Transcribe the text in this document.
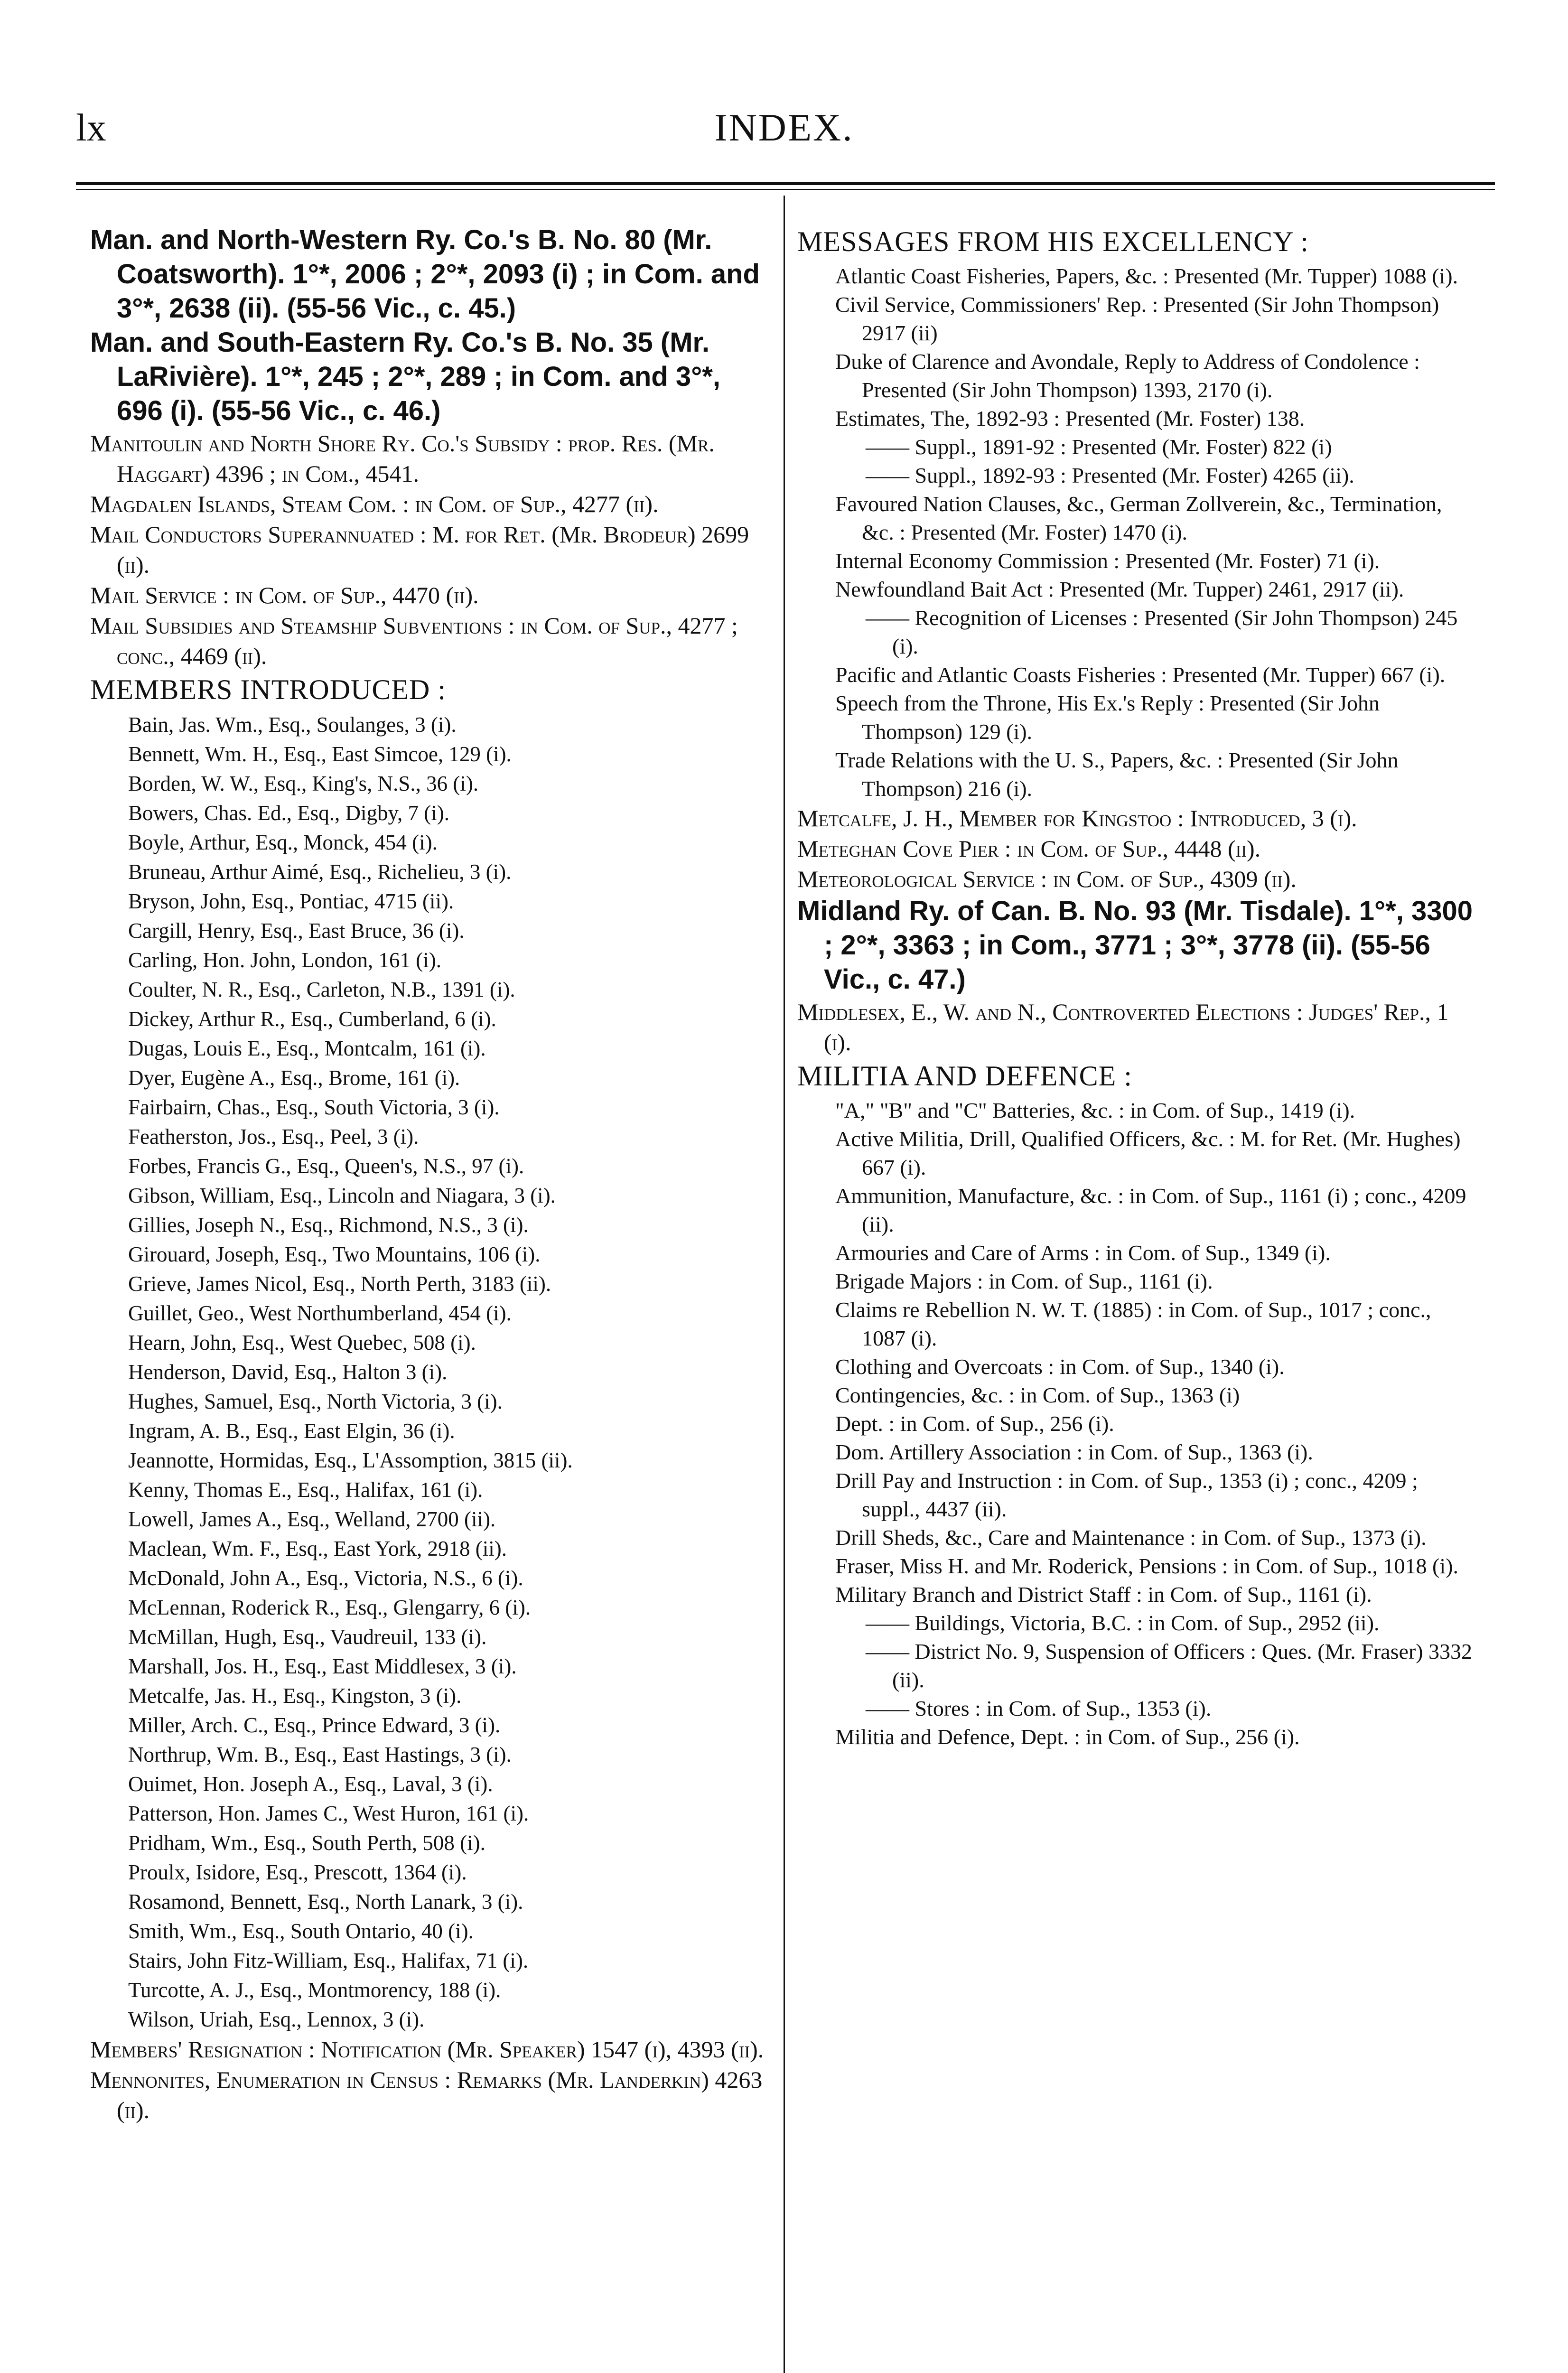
lx	INDEX.

Man. and North-Western Ry. Co.'s B. No. 80 (Mr. Coatsworth). 1°*, 2006 ; 2°*, 2093 (i) ; in Com. and 3°*, 2638 (ii). (55-56 Vic., c. 45.)

Man. and South-Eastern Ry. Co.'s B. No. 35 (Mr. LaRivière). 1°*, 245 ; 2°*, 289 ; in Com. and 3°*, 696 (i). (55-56 Vic., c. 46.)

Manitoulin and North Shore Ry. Co.'s Subsidy : prop. Res. (Mr. Haggart) 4396 ; in Com., 4541.

Magdalen Islands, Steam Com. : in Com. of Sup., 4277 (ii).

Mail Conductors Superannuated : M. for Ret. (Mr. Brodeur) 2699 (ii).

Mail Service : in Com. of Sup., 4470 (ii).

Mail Subsidies and Steamship Subventions : in Com. of Sup., 4277 ; conc., 4469 (ii).

MEMBERS INTRODUCED :

Bain, Jas. Wm., Esq., Soulanges, 3 (i).

Bennett, Wm. H., Esq., East Simcoe, 129 (i).

Borden, W. W., Esq., King's, N.S., 36 (i).

Bowers, Chas. Ed., Esq., Digby, 7 (i).

Boyle, Arthur, Esq., Monck, 454 (i).

Bruneau, Arthur Aimé, Esq., Richelieu, 3 (i).

Bryson, John, Esq., Pontiac, 4715 (ii).

Cargill, Henry, Esq., East Bruce, 36 (i).

Carling, Hon. John, London, 161 (i).

Coulter, N. R., Esq., Carleton, N.B., 1391 (i).

Dickey, Arthur R., Esq., Cumberland, 6 (i).

Dugas, Louis E., Esq., Montcalm, 161 (i).

Dyer, Eugène A., Esq., Brome, 161 (i).

Fairbairn, Chas., Esq., South Victoria, 3 (i).

Featherston, Jos., Esq., Peel, 3 (i).

Forbes, Francis G., Esq., Queen's, N.S., 97 (i).

Gibson, William, Esq., Lincoln and Niagara, 3 (i).

Gillies, Joseph N., Esq., Richmond, N.S., 3 (i).

Girouard, Joseph, Esq., Two Mountains, 106 (i).

Grieve, James Nicol, Esq., North Perth, 3183 (ii).

Guillet, Geo., West Northumberland, 454 (i).

Hearn, John, Esq., West Quebec, 508 (i).

Henderson, David, Esq., Halton 3 (i).

Hughes, Samuel, Esq., North Victoria, 3 (i).

Ingram, A. B., Esq., East Elgin, 36 (i).

Jeannotte, Hormidas, Esq., L'Assomption, 3815 (ii).

Kenny, Thomas E., Esq., Halifax, 161 (i).

Lowell, James A., Esq., Welland, 2700 (ii).

Maclean, Wm. F., Esq., East York, 2918 (ii).

McDonald, John A., Esq., Victoria, N.S., 6 (i).

McLennan, Roderick R., Esq., Glengarry, 6 (i).

McMillan, Hugh, Esq., Vaudreuil, 133 (i).

Marshall, Jos. H., Esq., East Middlesex, 3 (i).

Metcalfe, Jas. H., Esq., Kingston, 3 (i).

Miller, Arch. C., Esq., Prince Edward, 3 (i).

Northrup, Wm. B., Esq., East Hastings, 3 (i).

Ouimet, Hon. Joseph A., Esq., Laval, 3 (i).

Patterson, Hon. James C., West Huron, 161 (i).

Pridham, Wm., Esq., South Perth, 508 (i).

Proulx, Isidore, Esq., Prescott, 1364 (i).

Rosamond, Bennett, Esq., North Lanark, 3 (i).

Smith, Wm., Esq., South Ontario, 40 (i).

Stairs, John Fitz-William, Esq., Halifax, 71 (i).

Turcotte, A. J., Esq., Montmorency, 188 (i).

Wilson, Uriah, Esq., Lennox, 3 (i).

Members' Resignation : Notification (Mr. Speaker) 1547 (i), 4393 (ii).

Mennonites, Enumeration in Census : Remarks (Mr. Landerkin) 4263 (ii).

MESSAGES FROM HIS EXCELLENCY :

Atlantic Coast Fisheries, Papers, &c. : Presented (Mr. Tupper) 1088 (i).

Civil Service, Commissioners' Rep. : Presented (Sir John Thompson) 2917 (ii)

Duke of Clarence and Avondale, Reply to Address of Condolence : Presented (Sir John Thompson) 1393, 2170 (i).

Estimates, The, 1892-93 : Presented (Mr. Foster) 138.

—— Suppl., 1891-92 : Presented (Mr. Foster) 822 (i)

—— Suppl., 1892-93 : Presented (Mr. Foster) 4265 (ii).

Favoured Nation Clauses, &c., German Zollverein, &c., Termination, &c. : Presented (Mr. Foster) 1470 (i).

Internal Economy Commission : Presented (Mr. Foster) 71 (i).

Newfoundland Bait Act : Presented (Mr. Tupper) 2461, 2917 (ii).

—— Recognition of Licenses : Presented (Sir John Thompson) 245 (i).

Pacific and Atlantic Coasts Fisheries : Presented (Mr. Tupper) 667 (i).

Speech from the Throne, His Ex.'s Reply : Presented (Sir John Thompson) 129 (i).

Trade Relations with the U. S., Papers, &c. : Presented (Sir John Thompson) 216 (i).

Metcalfe, J. H., Member for Kingstoo : Introduced, 3 (i).

Meteghan Cove Pier : in Com. of Sup., 4448 (ii).

Meteorological Service : in Com. of Sup., 4309 (ii).

Midland Ry. of Can. B. No. 93 (Mr. Tisdale). 1°*, 3300 ; 2°*, 3363 ; in Com., 3771 ; 3°*, 3778 (ii). (55-56 Vic., c. 47.)

Middlesex, E., W. and N., Controverted Elections : Judges' Rep., 1 (i).

MILITIA AND DEFENCE :

"A," "B" and "C" Batteries, &c. : in Com. of Sup., 1419 (i).

Active Militia, Drill, Qualified Officers, &c. : M. for Ret. (Mr. Hughes) 667 (i).

Ammunition, Manufacture, &c. : in Com. of Sup., 1161 (i) ; conc., 4209 (ii).

Armouries and Care of Arms : in Com. of Sup., 1349 (i).

Brigade Majors : in Com. of Sup., 1161 (i).

Claims re Rebellion N. W. T. (1885) : in Com. of Sup., 1017 ; conc., 1087 (i).

Clothing and Overcoats : in Com. of Sup., 1340 (i).

Contingencies, &c. : in Com. of Sup., 1363 (i)

Dept. : in Com. of Sup., 256 (i).

Dom. Artillery Association : in Com. of Sup., 1363 (i).

Drill Pay and Instruction : in Com. of Sup., 1353 (i) ; conc., 4209 ; suppl., 4437 (ii).

Drill Sheds, &c., Care and Maintenance : in Com. of Sup., 1373 (i).

Fraser, Miss H. and Mr. Roderick, Pensions : in Com. of Sup., 1018 (i).

Military Branch and District Staff : in Com. of Sup., 1161 (i).

—— Buildings, Victoria, B.C. : in Com. of Sup., 2952 (ii).

—— District No. 9, Suspension of Officers : Ques. (Mr. Fraser) 3332 (ii).

—— Stores : in Com. of Sup., 1353 (i).

Militia and Defence, Dept. : in Com. of Sup., 256 (i).
